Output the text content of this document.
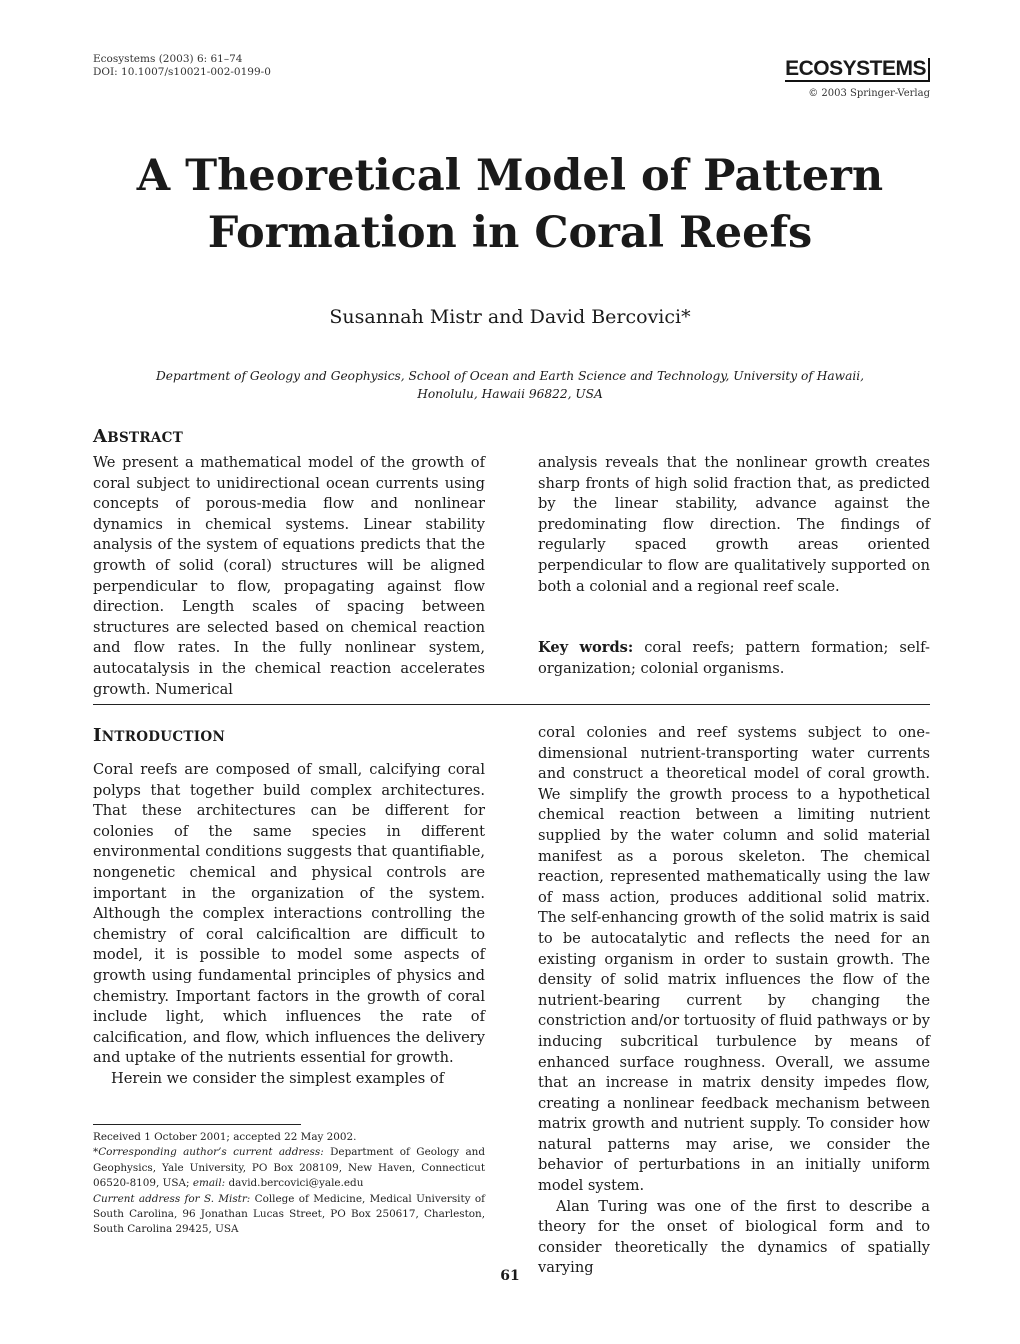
Ecosystems (2003) 6: 61–74
DOI: 10.1007/s10021-002-0199-0	ECOSYSTEMS
© 2003 Springer-Verlag
A Theoretical Model of Pattern
Formation in Coral Reefs
Susannah Mistr and David Bercovici*
Department of Geology and Geophysics, School of Ocean and Earth Science and Technology, University of Hawaii,
Honolulu, Hawaii 96822, USA
ABSTRACT

We present a mathematical model of the growth of coral subject to unidirectional ocean currents using concepts of porous-media flow and nonlinear dynamics in chemical systems. Linear stability analysis of the system of equations predicts that the growth of solid (coral) structures will be aligned perpendicular to flow, propagating against flow direction. Length scales of spacing between structures are selected based on chemical reaction and flow rates. In the fully nonlinear system, autocatalysis in the chemical reaction accelerates growth. Numerical

analysis reveals that the nonlinear growth creates sharp fronts of high solid fraction that, as predicted by the linear stability, advance against the predominating flow direction. The findings of regularly spaced growth areas oriented perpendicular to flow are qualitatively supported on both a colonial and a regional reef scale.

Key words: coral reefs; pattern formation; self-organization; colonial organisms.

INTRODUCTION

Coral reefs are composed of small, calcifying coral polyps that together build complex architectures. That these architectures can be different for colonies of the same species in different environmental conditions suggests that quantifiable, nongenetic chemical and physical controls are important in the organization of the system. Although the complex interactions controlling the chemistry of coral calcificaltion are difficult to model, it is possible to model some aspects of growth using fundamental principles of physics and chemistry. Important factors in the growth of coral include light, which influences the rate of calcification, and flow, which influences the delivery and uptake of the nutrients essential for growth.

Herein we consider the simplest examples of

coral colonies and reef systems subject to one-dimensional nutrient-transporting water currents and construct a theoretical model of coral growth. We simplify the growth process to a hypothetical chemical reaction between a limiting nutrient supplied by the water column and solid material manifest as a porous skeleton. The chemical reaction, represented mathematically using the law of mass action, produces additional solid matrix. The self-enhancing growth of the solid matrix is said to be autocatalytic and reflects the need for an existing organism in order to sustain growth. The density of solid matrix influences the flow of the nutrient-bearing current by changing the constriction and/or tortuosity of fluid pathways or by inducing subcritical turbulence by means of enhanced surface roughness. Overall, we assume that an increase in matrix density impedes flow, creating a nonlinear feedback mechanism between matrix growth and nutrient supply. To consider how natural patterns may arise, we consider the behavior of perturbations in an initially uniform model system.

Alan Turing was one of the first to describe a theory for the onset of biological form and to consider theoretically the dynamics of spatially varying

Received 1 October 2001; accepted 22 May 2002.

*Corresponding author’s current address: Department of Geology and Geophysics, Yale University, PO Box 208109, New Haven, Connecticut 06520-8109, USA; email: david.bercovici@yale.edu

Current address for S. Mistr: College of Medicine, Medical University of South Carolina, 96 Jonathan Lucas Street, PO Box 250617, Charleston, South Carolina 29425, USA

61
